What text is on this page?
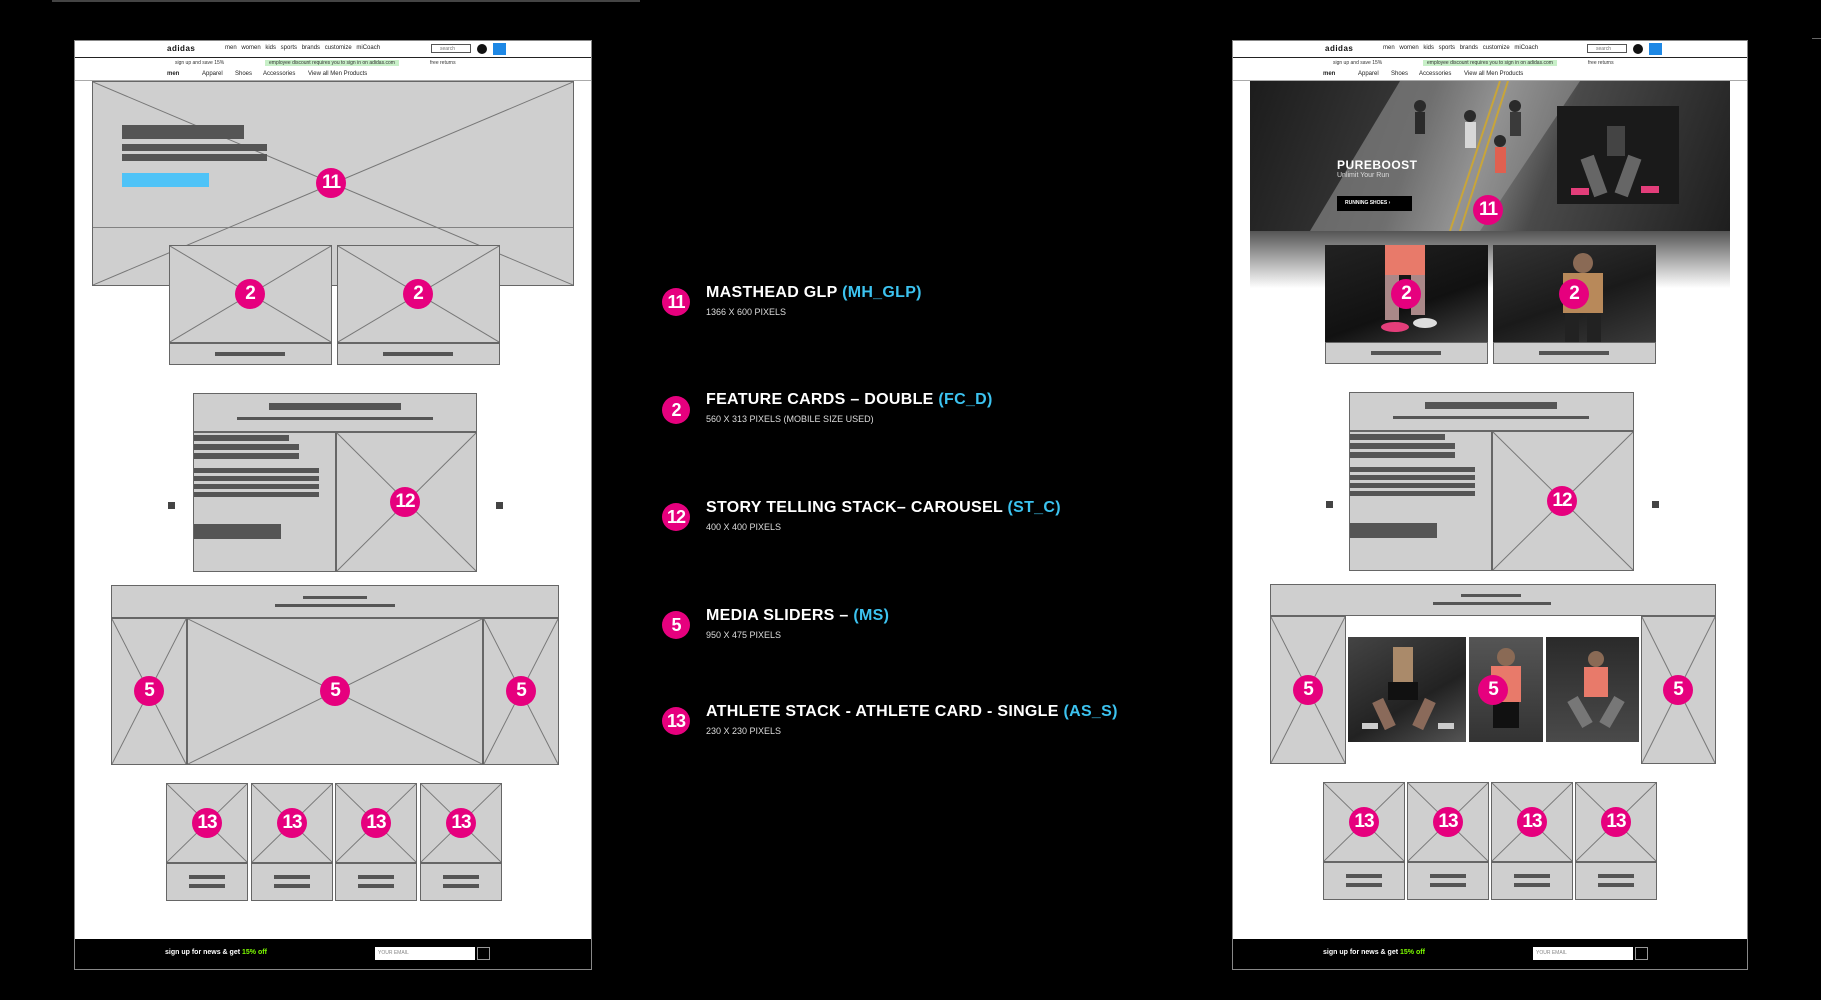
adidas	men women kids sports brands customize miCoach	search
sign up and save 15%	employee discount requires you to sign in on adidas.com	free returns
men	Apparel Shoes Accessories View all Men Products
11
2	2
12
5	5	5
13	13	13	13
sign up for news & get 15% off	YOUR EMAIL
11	MASTHEAD GLP (MH_GLP)
1366 X 600 PIXELS
2
FEATURE CARDS – DOUBLE (FC_D)
560 X 313 PIXELS (MOBILE SIZE USED)
12	STORY TELLING STACK– CAROUSEL (ST_C)
400 X 400 PIXELS
5	MEDIA SLIDERS – (MS)
950 X 475 PIXELS
13	ATHLETE STACK - ATHLETE CARD - SINGLE (AS_S)
230 X 230 PIXELS
adidas	men women kids sports brands customize miCoach	search
sign up and save 15%	employee discount requires you to sign in on adidas.com	free returns
men	Apparel Shoes Accessories View all Men Products
PUREBOOST
Unlimit Your Run
RUNNING SHOES ›	11
2	2
12
5	5	5
13	13	13	13
sign up for news & get 15% off	YOUR EMAIL
